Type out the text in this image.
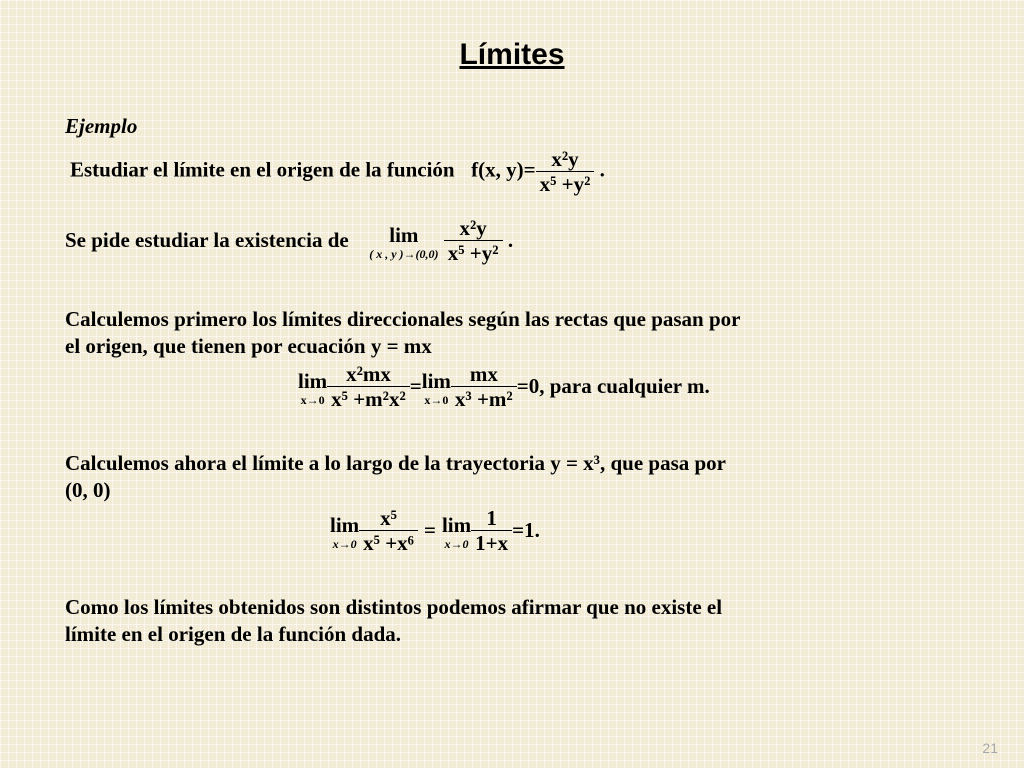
Límites
Ejemplo
Estudiar el límite en el origen de la función f(x, $y)= \frac{\text{x²y}}{\text{x⁵ +y²}}$ .
Se pide estudiar la existencia de	lim
( x , y )→(0,0)
$\frac{\text{x²y}}{\text{x⁵ +y²}}$ .
Calculemos primero los límites direccionales según las rectas que pasan por
el origen, que tienen por ecuación y = mx
lim
$x\to 0 \frac{\text{x²mx}}{\text{x⁵ +m²x²}} = \lim$
$x\to 0 \frac{mx}{\text{x³ +m²}} =0$, para cualquier m.
Calculemos ahora el límite a lo largo de la trayectoria y = x³, que pasa por
(0, 0)
lim
$x\to 0 \frac{\text{x⁵}}{\text{x⁵ +x⁶}} = \lim$
$x\to 0 \frac{1}{1+x} =1$.
Como los límites obtenidos son distintos podemos afirmar que no existe el
límite en el origen de la función dada.
21
